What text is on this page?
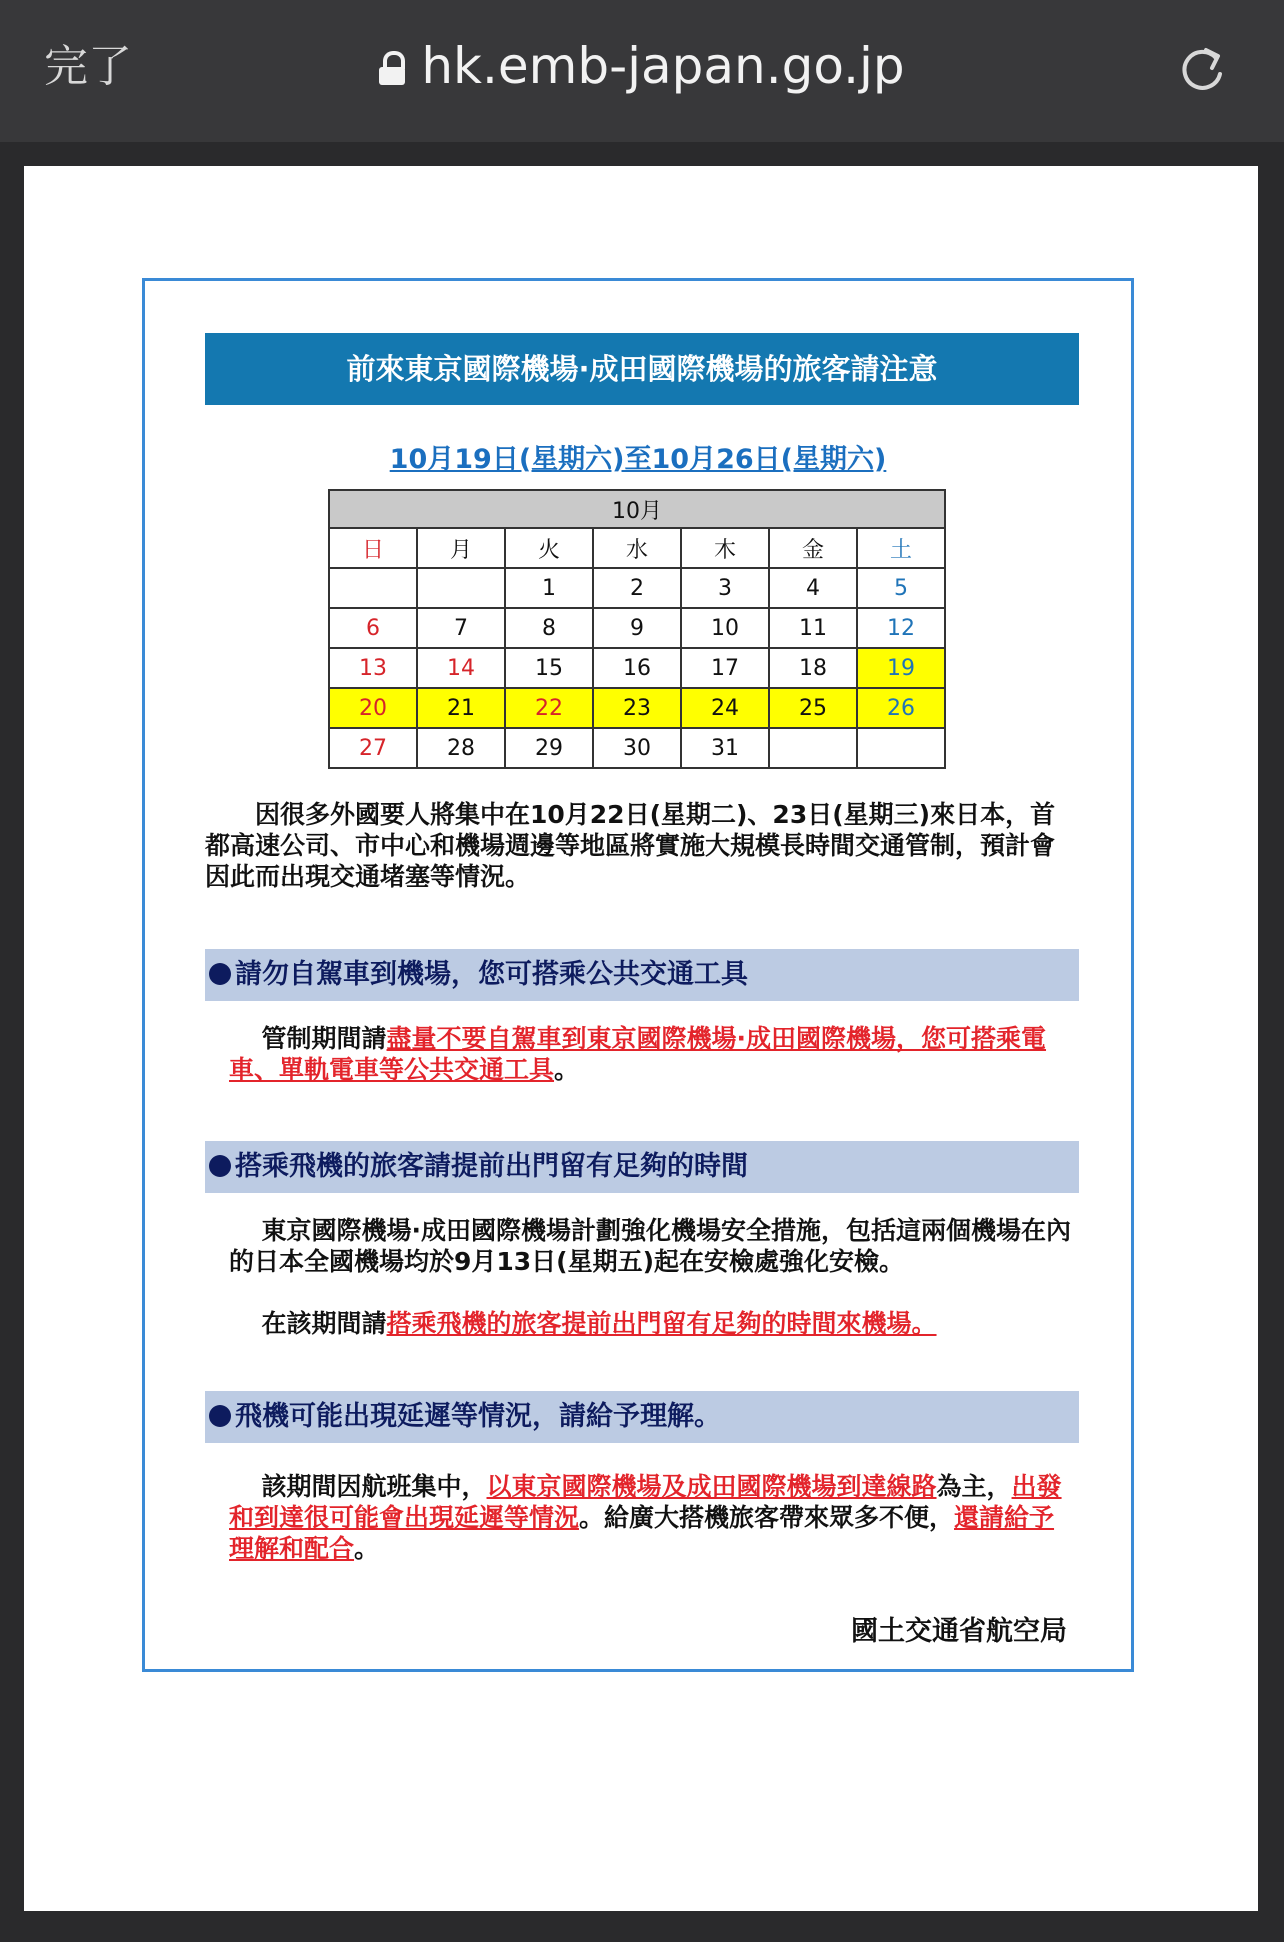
完了	hk.emb-japan.go.jp
前來東京國際機場·成田國際機場的旅客請注意
10月19日(星期六)至10月26日(星期六)
10月						
日	月	火	水	木	金	土
		1	2	3	4	5
6	7	8	9	10	11	12
13	14	15	16	17	18	19
20	21	22	23	24	25	26
27	28	29	30	31		
因很多外國要人將集中在10月22日(星期二)、23日(星期三)來日本，首都高速公司、市中心和機場週邊等地區將實施大規模長時間交通管制，預計會因此而出現交通堵塞等情況。
請勿自駕車到機場，您可搭乘公共交通工具
管制期間請盡量不要自駕車到東京國際機場·成田國際機場，您可搭乘電車、單軌電車等公共交通工具。
搭乘飛機的旅客請提前出門留有足夠的時間
東京國際機場·成田國際機場計劃強化機場安全措施，包括這兩個機場在內的日本全國機場均於9月13日(星期五)起在安檢處強化安檢。
在該期間請搭乘飛機的旅客提前出門留有足夠的時間來機場。
飛機可能出現延遲等情況，請給予理解。
該期間因航班集中，以東京國際機場及成田國際機場到達線路為主，出發和到達很可能會出現延遲等情況。給廣大搭機旅客帶來眾多不便，還請給予理解和配合。
國土交通省航空局
